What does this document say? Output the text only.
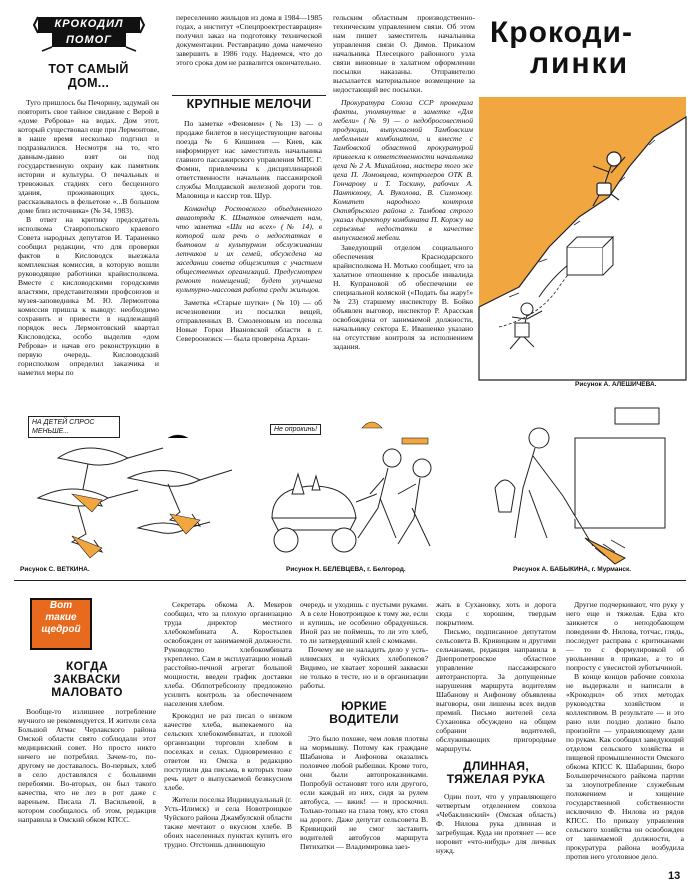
КРОКОДИЛ
ПОМОГ
ТОТ САМЫЙ ДОМ...

Туго пришлось бы Печорину, задумай он повторить свое тайное свидание с Верой в «доме Реброва» на водах. Дом этот, который существовал еще при Лермонтове, в наше время несколько подгнил и подразвалился. Несмотря на то, что давным-давно взят он под государственную охрану как памятник истории и культуры. О печальных и тревожных стадиях сего бесценного здания, проживающих здесь, рассказывалось в фельетоне «...В большом доме близ источника» (№ 34, 1983).

В ответ на критику председатель исполкома Ставропольского краевого Совета народных депутатов И. Тараненко сообщил редакции, что для проверки фактов в Кисловодск выезжала комплексная комиссия, в которую вошли руководящие работники крайисполкома. Вместе с кисловодскими городскими властями, представителями профсоюзов и музея-заповедника М. Ю. Лермонтова комиссия пришла к выводу: необходимо сохранить и привести в надлежащий порядок весь Лермонтовский квартал Кисловодска, особо выделив «дом Реброва» и начав его реконструкцию в первую очередь. Кисловодский горисполком определил заказчика и наметил меры по

переселению жильцов из дома в 1984—1985 годах, а институт «Спецпроектреставрация» получил заказ на подготовку технической документации. Реставрацию дома намечено завершить в 1986 году. Надеемся, что до этого срока дом не развалится окончательно.

КРУПНЫЕ МЕЛОЧИ

По заметке «Феномен» (№ 13) — о продаже билетов в несуществующие вагоны поезда № 6 Кишинев — Киев, как информирует нас заместитель начальника главного пассажирского управления МПС Г. Фомин, привлечены к дисциплинарной ответственности начальник пассажирской службы Молдавской железной дороги тов. Маловица и кассир тов. Шур.

Командир Ростовского объединенного авиаотряда К. Шматков отвечает нам, что заметка «Ши на всех» (№ 14), в которой шла речь о недостатках в бытовом и культурном обслуживании летчиков и их семей, обсуждена на заседании совета общежития с участием общественных организаций. Предусмотрен ремонт помещений; будет улучшена культурно-массовая работа среди жильцов.

Заметка «Старые шутки» (№ 10) — об исчезновении из посылки вещей, отправленных В. Смоленовым из поселка Новые Горки Ивановской области в г. Североонежск — была проверена Архан-

гельским областным производственно-техническим управлением связи. Об этом нам пишет заместитель начальника управления связи О. Димов. Приказом начальника Плесецкого районного узла связи виновные в халатном оформлении посылки наказаны. Отправителю высылается материальное возмещение за недостающий вес посылки.

Крокоди-
линки

Прокуратура Союза ССР проверила факты, упомянутые в заметке «Для мебели» (№ 9) — о недобросовестной продукции, выпускаемой Тамбовским мебельным комбинатом, и вместе с Тамбовской областной прокуратурой привлекла к ответственности начальника цеха № 2 А. Михайлова, мастера того же цеха П. Ломовцева, контролеров ОТК В. Гончарову и Т. Тоскину, рабочих А. Пантюхову, А. Вуколова, В. Симонову. Комитет народного контроля Октябрьского района г. Тамбова строго указал директору комбината П. Коржу на серьезные недостатки в качестве выпускаемой мебели.

Заведующий отделом социального обеспечения Краснодарского крайисполкома Н. Мотько сообщает, что за халатное отношение к просьбе инвалида Н. Купрановой об обеспечении ее специальной коляской («Подать бы жару!» № 23) старшему инспектору В. Бойко объявлен выговор, инспектор Р. Арасская освобождена от занимаемой должности, начальнику сектора Е. Ивашенко указано на отсутствие контроля за исполнением задания.

Рисунок А. АЛЕШИЧЕВА.
НА ДЕТЕЙ СПРОС МЕНЬШЕ...	Не опрокинь!
Рисунок С. ВЕТКИНА.	Рисунок Н. БЕЛЕВЦЕВА, г. Белгород.	Рисунок А. БАБЫКИНА, г. Мурманск.
Вот
такие
щедрой
КОГДА ЗАКВАСКИ МАЛОВАТО

Вообще-то излишнее потребление мучного не рекомендуется. И жители села Большой Атмас Черлакского района Омской области свято соблюдали этот медицинский совет. Но просто никто ничего не потреблял. Зачем-то, по-другому не доставалось. Во-первых, хлеб в село доставлялся с большими перебоями. Во-вторых, он был такого качества, что не лез в рот даже с вареньем. Писала Л. Васильевой, в котором сообщалось об этом, редакция направила в Омский обком КПСС.

Секретарь обкома А. Мекеров сообщил, что за плохую организацию труда директор местного хлебокомбината А. Коростылев освобожден от занимаемой должности. Руководство хлебокомбината укреплено. Сам в эксплуатацию новый расстойно-печной агрегат большой мощности, введен график доставки хлеба. Облпотребсоюзу предложено усилить контроль за обеспечением населения хлебом.

Крокодил не раз писал о низком качестве хлеба, выпекаемого на сельских хлебокомбинатах, и плохой организации торговли хлебом в поселках и селах. Одновременно с ответом из Омска в редакцию поступили два письма, в которых тоже речь идет о выпускаемой безвкусном хлебе.

Жители поселка Индивидуальный (г. Усть-Илимск) и села Новотроицкое Чуйского района Джамбулской области также мечтают о вкусном хлебе. В обоих населенных пунктах купить его трудно. Отстоишь длиннющую

очередь и уходишь с пустыми руками. А в селе Новотроицкое к тому же, если и купишь, не особенно обрадуешься. Иной раз не поймешь, то ли это хлеб, то ли затвердевший клей с комками.

Почему же не наладить дело у усть-илимских и чуйских хлебопеков? Видимо, не хватает хорошей закваски не только в тесте, но и в организации работы.

ЮРКИЕ ВОДИТЕЛИ

Это было похоже, чем ловля плотвы на мормышку. Потому как граждане Шабанова и Анфонова оказались половчее любой рыбешки. Кроме того, они были автопроказниками. Попробуй остановят того или другого, если каждый из них, сидя за рулем автобуса, — вжик! — и проскочил. Только-только на глаза тому, кто стоял на дороге. Даже депутат сельсовета В. Кривицкий не смог заставить водителей автобусов маршрута Пятихатки — Владимировка заез-

жать в Сухановку, хоть и дорога сюда с хорошим, твердым покрытием.

Письмо, подписанное депутатом сельсовета В. Кривицким и другими сельчанами, редакция направила в Днепропетровское областное управление пассажирского автотранспорта. За допущенные нарушения маршрута водителям Шабанову и Анфонову объявлены выговоры, они лишены всех видов премий. Письмо жителей села Сухановка обсуждено на общем собрании водителей, обслуживающих пригородные маршруты.

ДЛИННАЯ, ТЯЖЕЛАЯ РУКА

Один поэт, что у управляющего четвертым отделением совхоза «Чебаклинский» (Омская область) Ф. Нилова рука длинная и загребущая. Куда ни протянет — все норовит «что-нибудь» для личных нужд.

Другие подчеркивают, что руку у него еще и тяжелая. Едва кто заикнется о неподобающем поведении Ф. Нилова, тотчас, глядь, последует расправа с критиканами — то с формулировкой об увольнении в приказе, а то и попросту с увесистой зуботычиной.

В конце концов рабочие совхоза не выдержали и написали в «Крокодил» об этих методах руководства хозяйством и коллективом. В результате — и это рано или поздно должно было произойти — управляющему дали по рукам. Как сообщил заведующий отделом сельского хозяйства и пищевой промышленности Омского обкома КПСС К. Шабаршин, бюро Большереченского райкома партии за злоупотребление служебным положением и хищение государственной собственности исключило Ф. Нилова из рядов КПСС. По приказу управления сельского хозяйства он освобожден от занимаемой должности, а прокуратура района возбудила против него уголовное дело.

13
